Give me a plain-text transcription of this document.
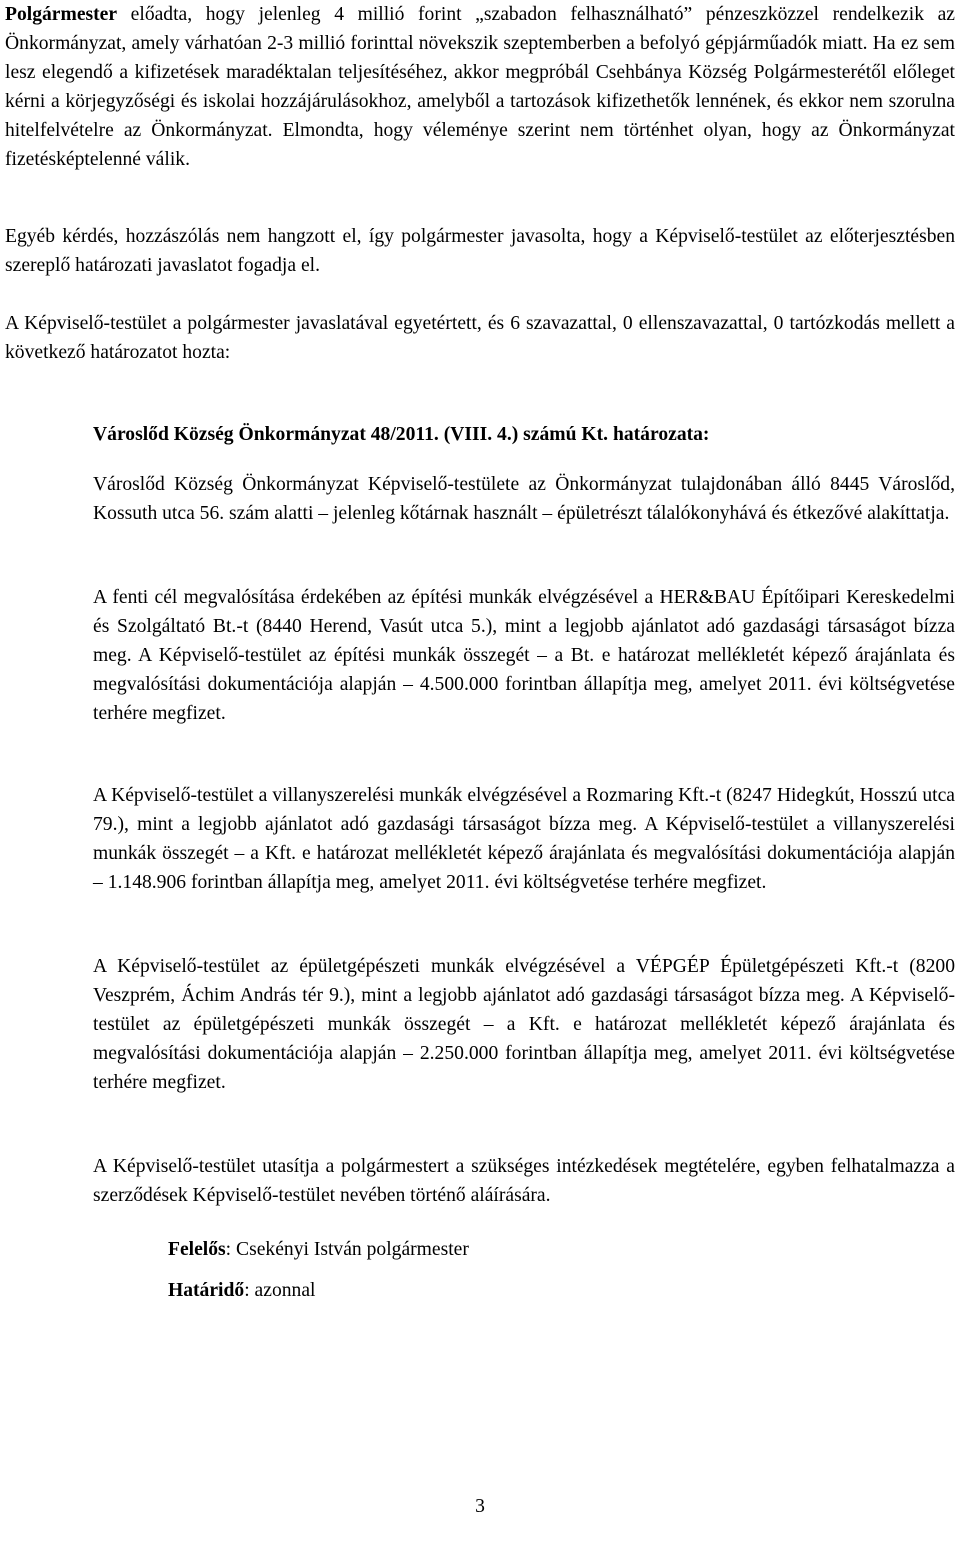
Polgármester előadta, hogy jelenleg 4 millió forint „szabadon felhasználható” pénzeszközzel rendelkezik az Önkormányzat, amely várhatóan 2-3 millió forinttal növekszik szeptemberben a befolyó gépjárműadók miatt. Ha ez sem lesz elegendő a kifizetések maradéktalan teljesítéséhez, akkor megpróbál Csehbánya Község Polgármesterétől előleget kérni a körjegyzőségi és iskolai hozzájárulásokhoz, amelyből a tartozások kifizethetők lennének, és ekkor nem szorulna hitelfelvételre az Önkormányzat. Elmondta, hogy véleménye szerint nem történhet olyan, hogy az Önkormányzat fizetésképtelenné válik.

Egyéb kérdés, hozzászólás nem hangzott el, így polgármester javasolta, hogy a Képviselő-testület az előterjesztésben szereplő határozati javaslatot fogadja el.

A Képviselő-testület a polgármester javaslatával egyetértett, és 6 szavazattal, 0 ellenszavazattal, 0 tartózkodás mellett a következő határozatot hozta:

Városlőd Község Önkormányzat 48/2011. (VIII. 4.) számú Kt. határozata:

Városlőd Község Önkormányzat Képviselő-testülete az Önkormányzat tulajdonában álló 8445 Városlőd, Kossuth utca 56. szám alatti – jelenleg kőtárnak használt – épületrészt tálalókonyhává és étkezővé alakíttatja.

A fenti cél megvalósítása érdekében az építési munkák elvégzésével a HER&BAU Építőipari Kereskedelmi és Szolgáltató Bt.-t (8440 Herend, Vasút utca 5.), mint a legjobb ajánlatot adó gazdasági társaságot bízza meg. A Képviselő-testület az építési munkák összegét – a Bt. e határozat mellékletét képező árajánlata és megvalósítási dokumentációja alapján – 4.500.000 forintban állapítja meg, amelyet 2011. évi költségvetése terhére megfizet.

A Képviselő-testület a villanyszerelési munkák elvégzésével a Rozmaring Kft.-t (8247 Hidegkút, Hosszú utca 79.), mint a legjobb ajánlatot adó gazdasági társaságot bízza meg. A Képviselő-testület a villanyszerelési munkák összegét – a Kft. e határozat mellékletét képező árajánlata és megvalósítási dokumentációja alapján – 1.148.906 forintban állapítja meg, amelyet 2011. évi költségvetése terhére megfizet.

A Képviselő-testület az épületgépészeti munkák elvégzésével a VÉPGÉP Épületgépészeti Kft.-t (8200 Veszprém, Áchim András tér 9.), mint a legjobb ajánlatot adó gazdasági társaságot bízza meg. A Képviselő-testület az épületgépészeti munkák összegét – a Kft. e határozat mellékletét képező árajánlata és megvalósítási dokumentációja alapján – 2.250.000 forintban állapítja meg, amelyet 2011. évi költségvetése terhére megfizet.

A Képviselő-testület utasítja a polgármestert a szükséges intézkedések megtételére, egyben felhatalmazza a szerződések Képviselő-testület nevében történő aláírására.

Felelős: Csekényi István polgármester

Határidő: azonnal

3
